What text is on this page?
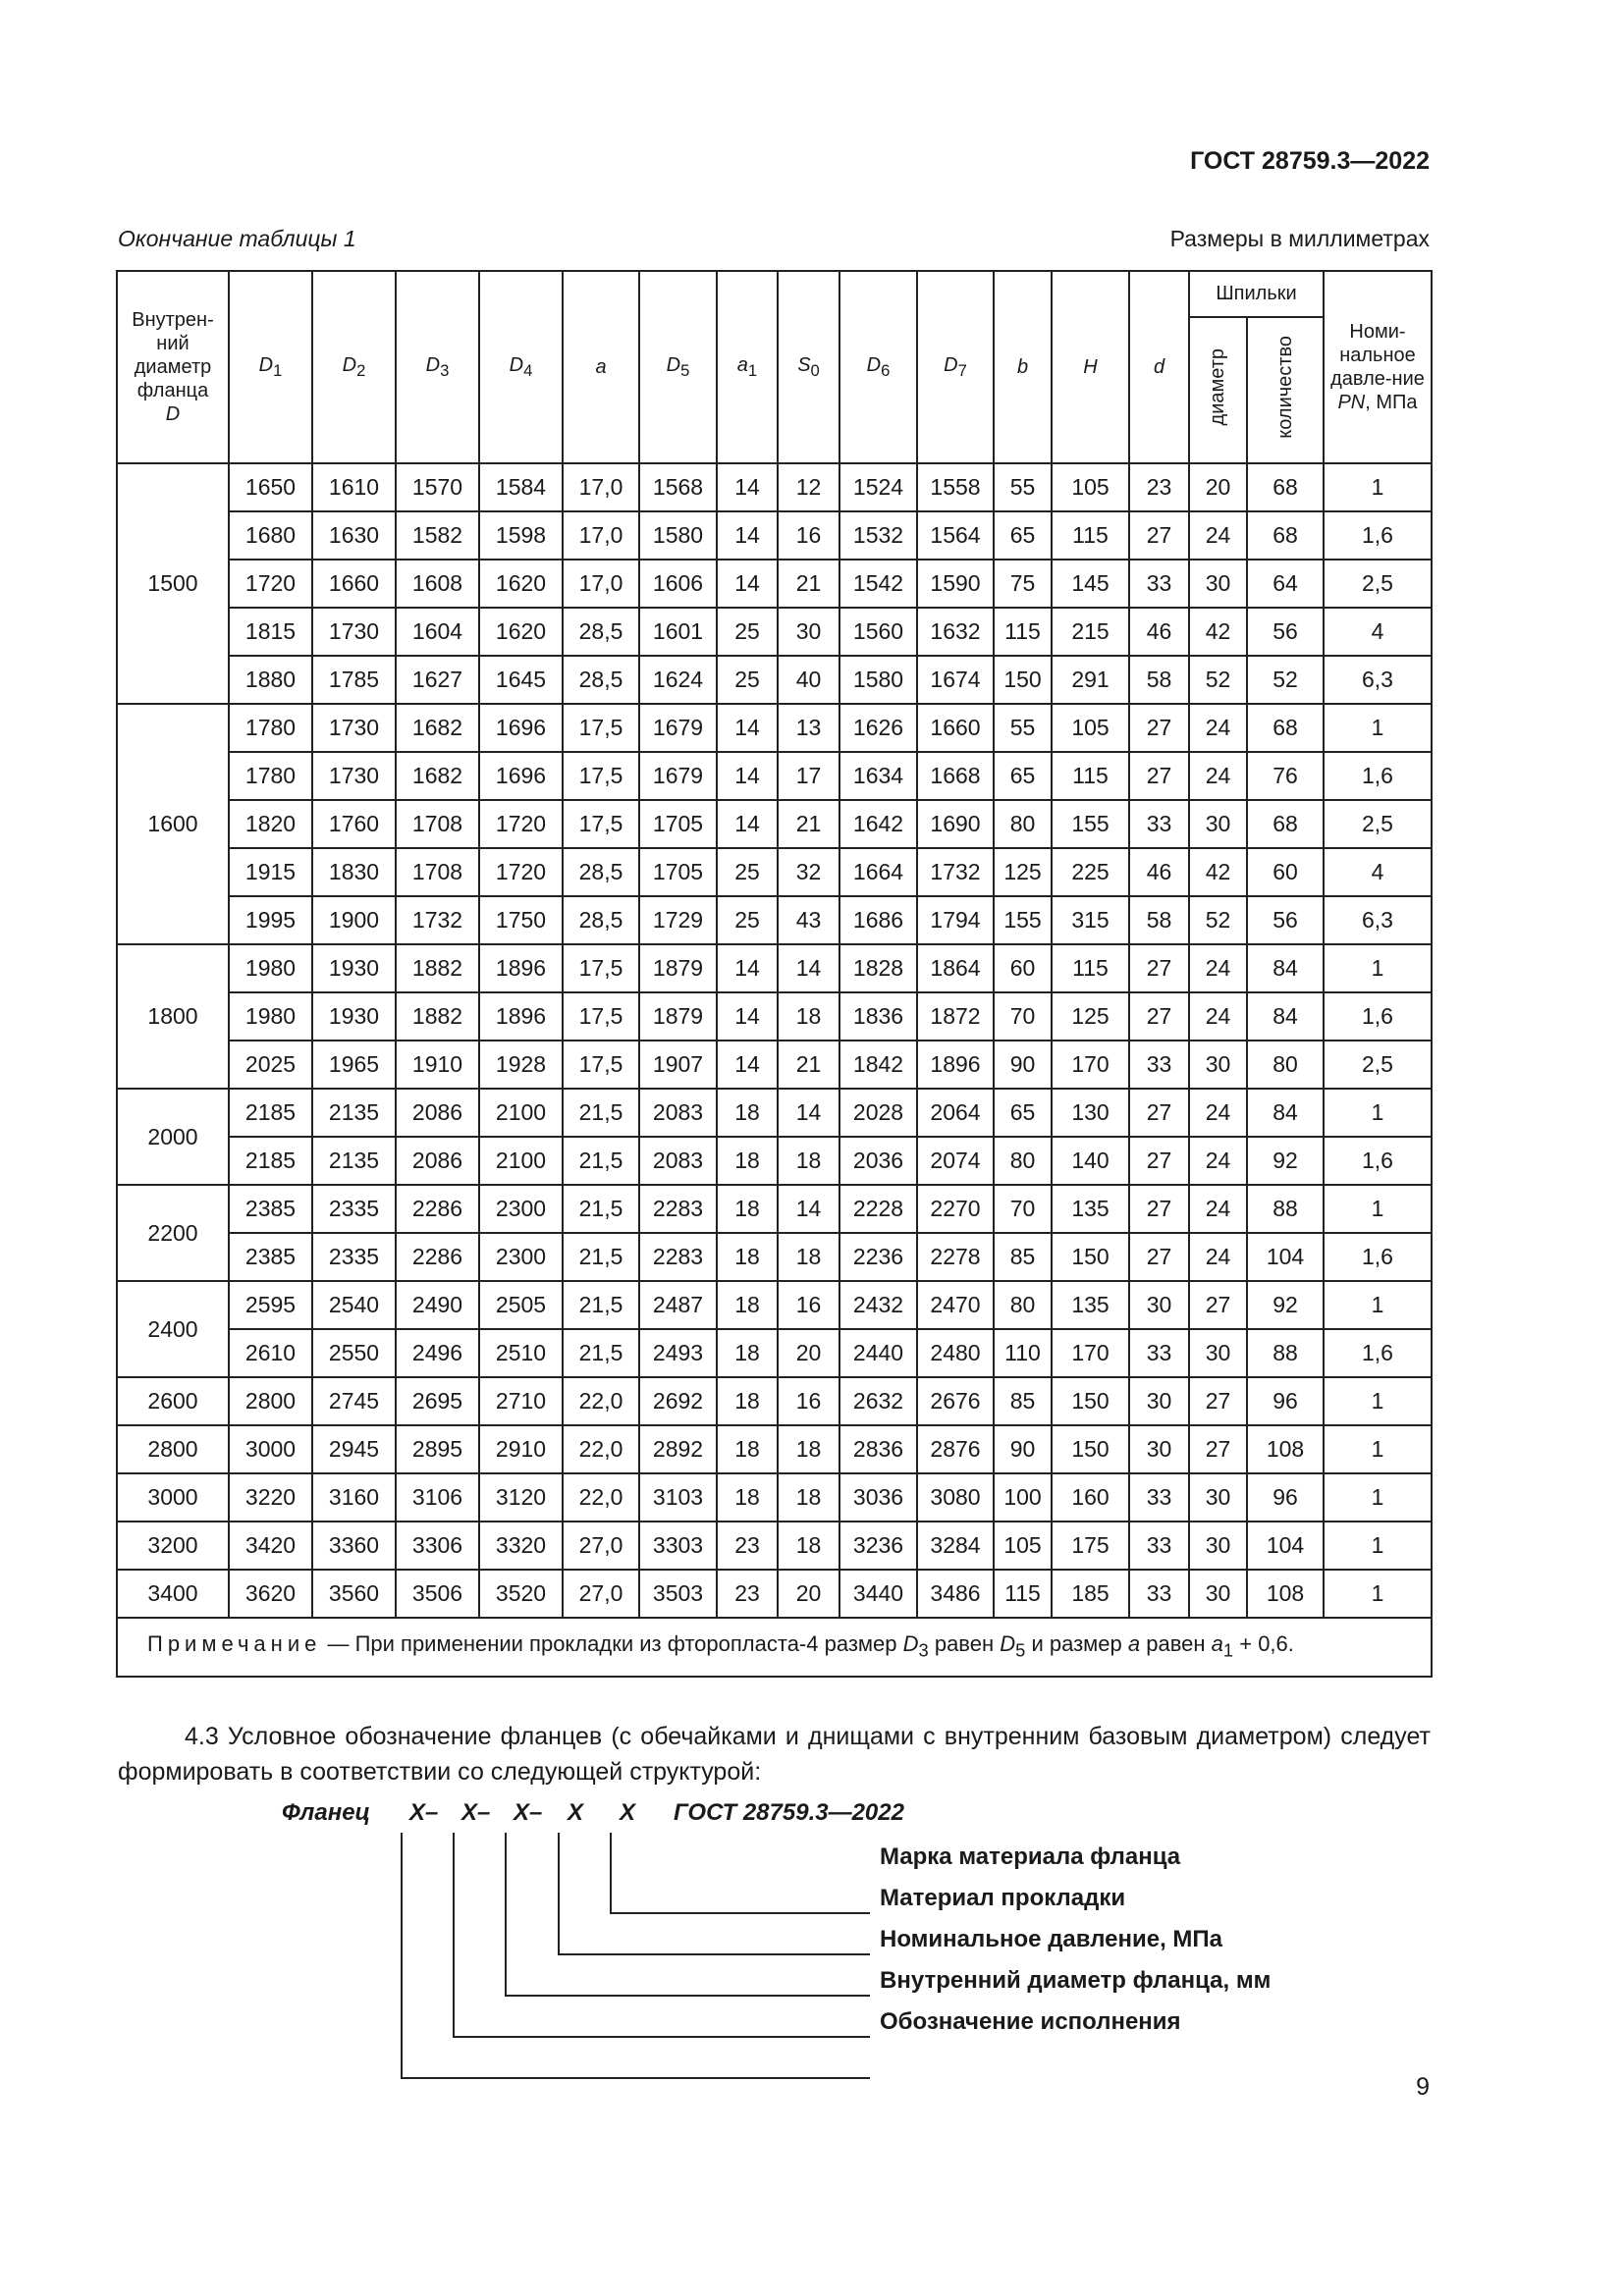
ГОСТ 28759.3—2022
Окончание таблицы 1	Размеры в миллиметрах
Внутрен-ний диаметр фланца
D	$D_1$	$D_2$	$D_3$	$D_4$	a	$D_5$	$a_1$	$S_0$	$D_6$	$D_7$	b	H	d	Шпильки		Номи-нальное давле-ние PN, МПа
														диаметр	количество	
1500	1650	1610	1570	1584	17,0	1568	14	12	1524	1558	55	105	23	20	68	1
	1680	1630	1582	1598	17,0	1580	14	16	1532	1564	65	115	27	24	68	1,6
	1720	1660	1608	1620	17,0	1606	14	21	1542	1590	75	145	33	30	64	2,5
	1815	1730	1604	1620	28,5	1601	25	30	1560	1632	115	215	46	42	56	4
	1880	1785	1627	1645	28,5	1624	25	40	1580	1674	150	291	58	52	52	6,3
1600	1780	1730	1682	1696	17,5	1679	14	13	1626	1660	55	105	27	24	68	1
	1780	1730	1682	1696	17,5	1679	14	17	1634	1668	65	115	27	24	76	1,6
	1820	1760	1708	1720	17,5	1705	14	21	1642	1690	80	155	33	30	68	2,5
	1915	1830	1708	1720	28,5	1705	25	32	1664	1732	125	225	46	42	60	4
	1995	1900	1732	1750	28,5	1729	25	43	1686	1794	155	315	58	52	56	6,3
1800	1980	1930	1882	1896	17,5	1879	14	14	1828	1864	60	115	27	24	84	1
	1980	1930	1882	1896	17,5	1879	14	18	1836	1872	70	125	27	24	84	1,6
	2025	1965	1910	1928	17,5	1907	14	21	1842	1896	90	170	33	30	80	2,5
2000	2185	2135	2086	2100	21,5	2083	18	14	2028	2064	65	130	27	24	84	1
	2185	2135	2086	2100	21,5	2083	18	18	2036	2074	80	140	27	24	92	1,6
2200	2385	2335	2286	2300	21,5	2283	18	14	2228	2270	70	135	27	24	88	1
	2385	2335	2286	2300	21,5	2283	18	18	2236	2278	85	150	27	24	104	1,6
2400	2595	2540	2490	2505	21,5	2487	18	16	2432	2470	80	135	30	27	92	1
	2610	2550	2496	2510	21,5	2493	18	20	2440	2480	110	170	33	30	88	1,6
2600	2800	2745	2695	2710	22,0	2692	18	16	2632	2676	85	150	30	27	96	1
2800	3000	2945	2895	2910	22,0	2892	18	18	2836	2876	90	150	30	27	108	1
3000	3220	3160	3106	3120	22,0	3103	18	18	3036	3080	100	160	33	30	96	1
3200	3420	3360	3306	3320	27,0	3303	23	18	3236	3284	105	175	33	30	104	1
3400	3620	3560	3506	3520	27,0	3503	23	20	3440	3486	115	185	33	30	108	1
Примечание — При применении прокладки из фторопласта-4 размер $D_3$ равен $D_5$ и размер a равен $a_1 + 0,6$.																
4.3 Условное обозначение фланцев (с обечайками и днищами с внутренним базовым диаметром) следует формировать в соответствии со следующей структурой:
Фланец Х– Х– Х– Х Х ГОСТ 28759.3—2022
Марка материала фланца
Материал прокладки
Номинальное давление, МПа
Внутренний диаметр фланца, мм
Обозначение исполнения
9
